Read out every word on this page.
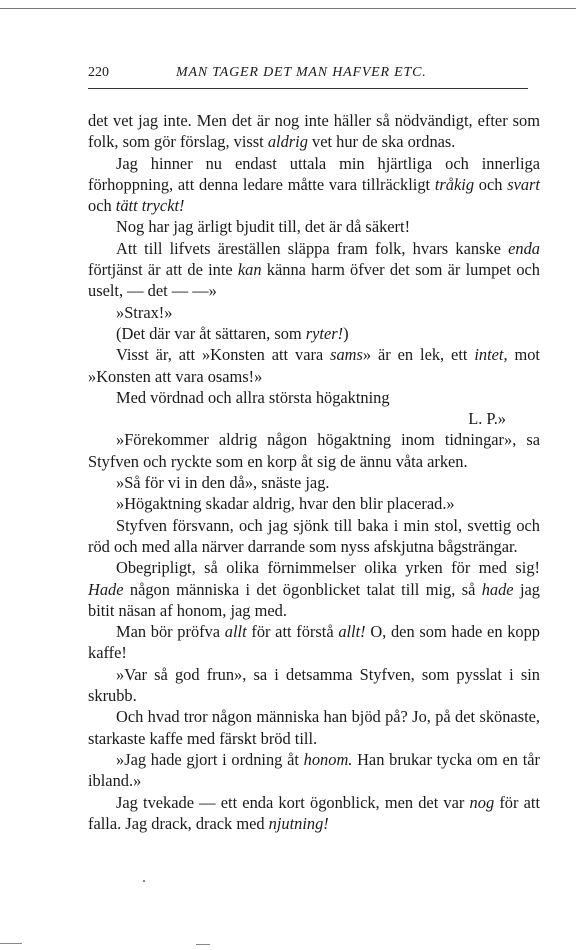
220	MAN TAGER DET MAN HAFVER ETC.

det vet jag inte. Men det är nog inte häller så nödvändigt, efter som folk, som gör förslag, visst aldrig vet hur de ska ordnas.

Jag hinner nu endast uttala min hjärtliga och innerliga förhoppning, att denna ledare måtte vara tillräckligt tråkig och svart och tätt tryckt!

Nog har jag ärligt bjudit till, det är då säkert!

Att till lifvets äreställen släppa fram folk, hvars kanske enda förtjänst är att de inte kan känna harm öfver det som är lumpet och uselt, — det — —»

»Strax!»

(Det där var åt sättaren, som ryter!)

Visst är, att »Konsten att vara sams» är en lek, ett intet, mot »Konsten att vara osams!»

Med vördnad och allra största högaktning

L. P.»

»Förekommer aldrig någon högaktning inom tidningar», sa Styfven och ryckte som en korp åt sig de ännu våta arken.

»Så för vi in den då», snäste jag.

»Högaktning skadar aldrig, hvar den blir placerad.»

Styfven försvann, och jag sjönk till baka i min stol, svettig och röd och med alla närver darrande som nyss afskjutna bågsträngar.

Obegripligt, så olika förnimmelser olika yrken för med sig! Hade någon människa i det ögonblicket talat till mig, så hade jag bitit näsan af honom, jag med.

Man bör pröfva allt för att förstå allt! O, den som hade en kopp kaffe!

»Var så god frun», sa i detsamma Styfven, som pysslat i sin skrubb.

Och hvad tror någon människa han bjöd på? Jo, på det skönaste, starkaste kaffe med färskt bröd till.

»Jag hade gjort i ordning åt honom. Han brukar tycka om en tår ibland.»

Jag tvekade — ett enda kort ögonblick, men det var nog för att falla. Jag drack, drack med njutning!
